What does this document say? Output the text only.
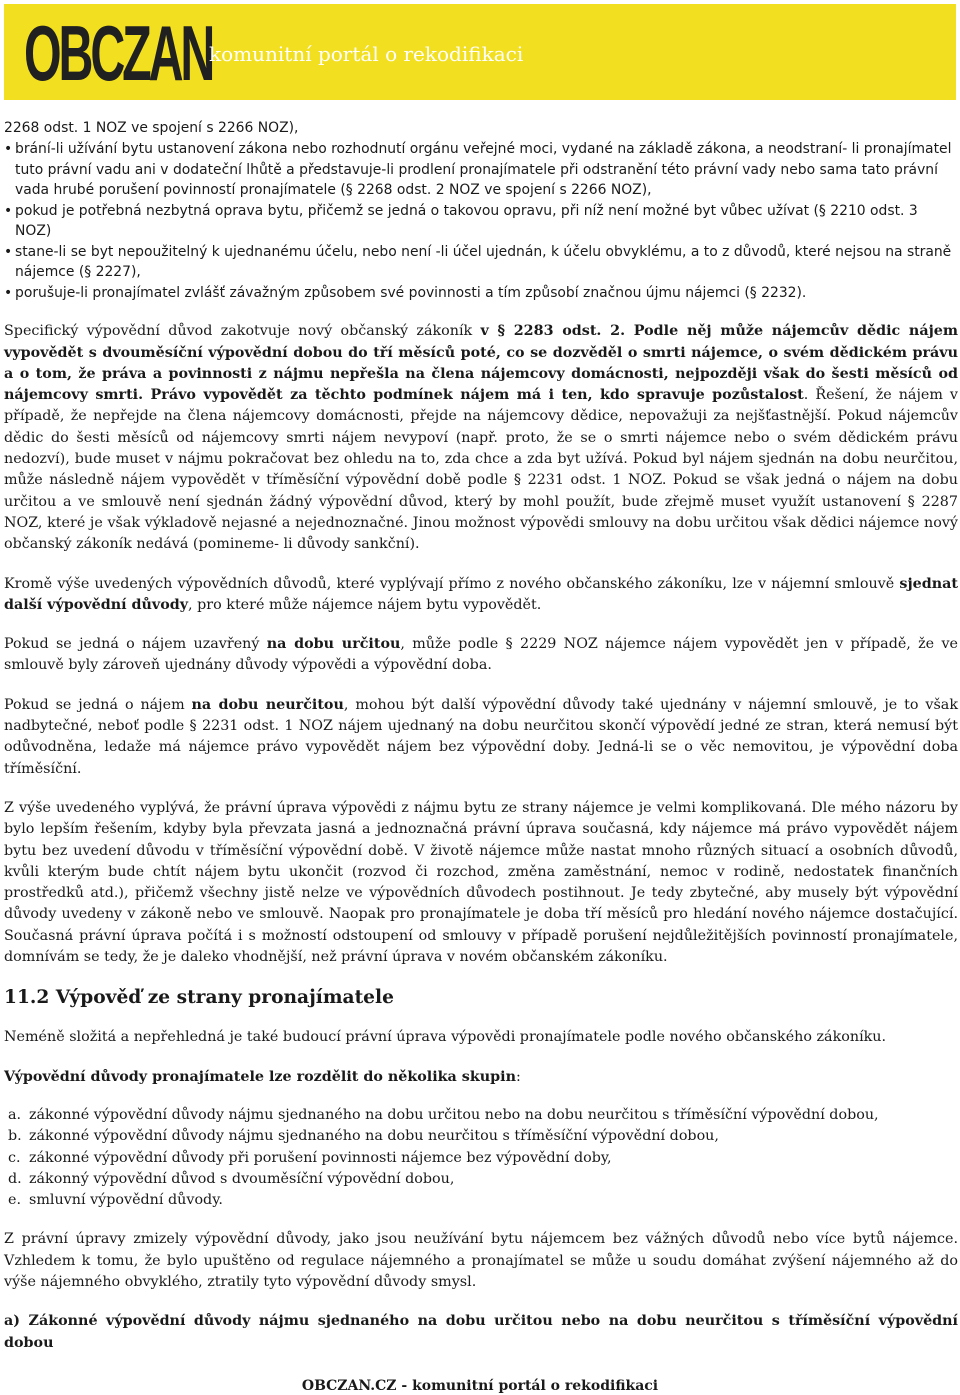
OBCZAN
komunitní portál o rekodifikaci

2268 odst. 1 NOZ ve spojení s 2266 NOZ),

• brání-li užívání bytu ustanovení zákona nebo rozhodnutí orgánu veřejné moci, vydané na základě zákona, a neodstraní- li pronajímatel tuto právní vadu ani v dodateční lhůtě a představuje-li prodlení pronajímatele při odstranění této právní vady nebo sama tato právní vada hrubé porušení povinností pronajímatele (§ 2268 odst. 2 NOZ ve spojení s 2266 NOZ),
• pokud je potřebná nezbytná oprava bytu, přičemž se jedná o takovou opravu, při níž není možné byt vůbec užívat (§ 2210 odst. 3 NOZ)
• stane-li se byt nepoužitelný k ujednanému účelu, nebo není -li účel ujednán, k účelu obvyklému, a to z důvodů, které nejsou na straně nájemce (§ 2227),
• porušuje-li pronajímatel zvlášť závažným způsobem své povinnosti a tím způsobí značnou újmu nájemci (§ 2232).

Specifický výpovědní důvod zakotvuje nový občanský zákoník v § 2283 odst. 2. Podle něj může nájemcův dědic nájem vypovědět s dvouměsíční výpovědní dobou do tří měsíců poté, co se dozvěděl o smrti nájemce, o svém dědickém právu a o tom, že práva a povinnosti z nájmu nepřešla na člena nájemcovy domácnosti, nejpozději však do šesti měsíců od nájemcovy smrti. Právo vypovědět za těchto podmínek nájem má i ten, kdo spravuje pozůstalost. Řešení, že nájem v případě, že nepřejde na člena nájemcovy domácnosti, přejde na nájemcovy dědice, nepovažuji za nejšťastnější. Pokud nájemcův dědic do šesti měsíců od nájemcovy smrti nájem nevypoví (např. proto, že se o smrti nájemce nebo o svém dědickém právu nedozví), bude muset v nájmu pokračovat bez ohledu na to, zda chce a zda byt užívá. Pokud byl nájem sjednán na dobu neurčitou, může následně nájem vypovědět v tříměsíční výpovědní době podle § 2231 odst. 1 NOZ. Pokud se však jedná o nájem na dobu určitou a ve smlouvě není sjednán žádný výpovědní důvod, který by mohl použít, bude zřejmě muset využít ustanovení § 2287 NOZ, které je však výkladově nejasné a nejednoznačné. Jinou možnost výpovědi smlouvy na dobu určitou však dědici nájemce nový občanský zákoník nedává (pomineme- li důvody sankční).

Kromě výše uvedených výpovědních důvodů, které vyplývají přímo z nového občanského zákoníku, lze v nájemní smlouvě sjednat další výpovědní důvody, pro které může nájemce nájem bytu vypovědět.

Pokud se jedná o nájem uzavřený na dobu určitou, může podle § 2229 NOZ nájemce nájem vypovědět jen v případě, že ve smlouvě byly zároveň ujednány důvody výpovědi a výpovědní doba.

Pokud se jedná o nájem na dobu neurčitou, mohou být další výpovědní důvody také ujednány v nájemní smlouvě, je to však nadbytečné, neboť podle § 2231 odst. 1 NOZ nájem ujednaný na dobu neurčitou skončí výpovědí jedné ze stran, která nemusí být odůvodněna, ledaže má nájemce právo vypovědět nájem bez výpovědní doby. Jedná-li se o věc nemovitou, je výpovědní doba tříměsíční.

Z výše uvedeného vyplývá, že právní úprava výpovědi z nájmu bytu ze strany nájemce je velmi komplikovaná. Dle mého názoru by bylo lepším řešením, kdyby byla převzata jasná a jednoznačná právní úprava současná, kdy nájemce má právo vypovědět nájem bytu bez uvedení důvodu v tříměsíční výpovědní době. V životě nájemce může nastat mnoho různých situací a osobních důvodů, kvůli kterým bude chtít nájem bytu ukončit (rozvod či rozchod, změna zaměstnání, nemoc v rodině, nedostatek finančních prostředků atd.), přičemž všechny jistě nelze ve výpovědních důvodech postihnout. Je tedy zbytečné, aby musely být výpovědní důvody uvedeny v zákoně nebo ve smlouvě. Naopak pro pronajímatele je doba tří měsíců pro hledání nového nájemce dostačující. Současná právní úprava počítá i s možností odstoupení od smlouvy v případě porušení nejdůležitějších povinností pronajímatele, domnívám se tedy, že je daleko vhodnější, než právní úprava v novém občanském zákoníku.

11.2 Výpověď ze strany pronajímatele

Neméně složitá a nepřehledná je také budoucí právní úprava výpovědi pronajímatele podle nového občanského zákoníku.

Výpovědní důvody pronajímatele lze rozdělit do několika skupin:

a. zákonné výpovědní důvody nájmu sjednaného na dobu určitou nebo na dobu neurčitou s tříměsíční výpovědní dobou,
b. zákonné výpovědní důvody nájmu sjednaného na dobu neurčitou s tříměsíční výpovědní dobou,
c. zákonné výpovědní důvody při porušení povinnosti nájemce bez výpovědní doby,
d. zákonný výpovědní důvod s dvouměsíční výpovědní dobou,
e. smluvní výpovědní důvody.

Z právní úpravy zmizely výpovědní důvody, jako jsou neužívání bytu nájemcem bez vážných důvodů nebo více bytů nájemce. Vzhledem k tomu, že bylo upuštěno od regulace nájemného a pronajímatel se může u soudu domáhat zvýšení nájemného až do výše nájemného obvyklého, ztratily tyto výpovědní důvody smysl.

a) Zákonné výpovědní důvody nájmu sjednaného na dobu určitou nebo na dobu neurčitou s tříměsíční výpovědní dobou

OBCZAN.CZ - komunitní portál o rekodifikaci
